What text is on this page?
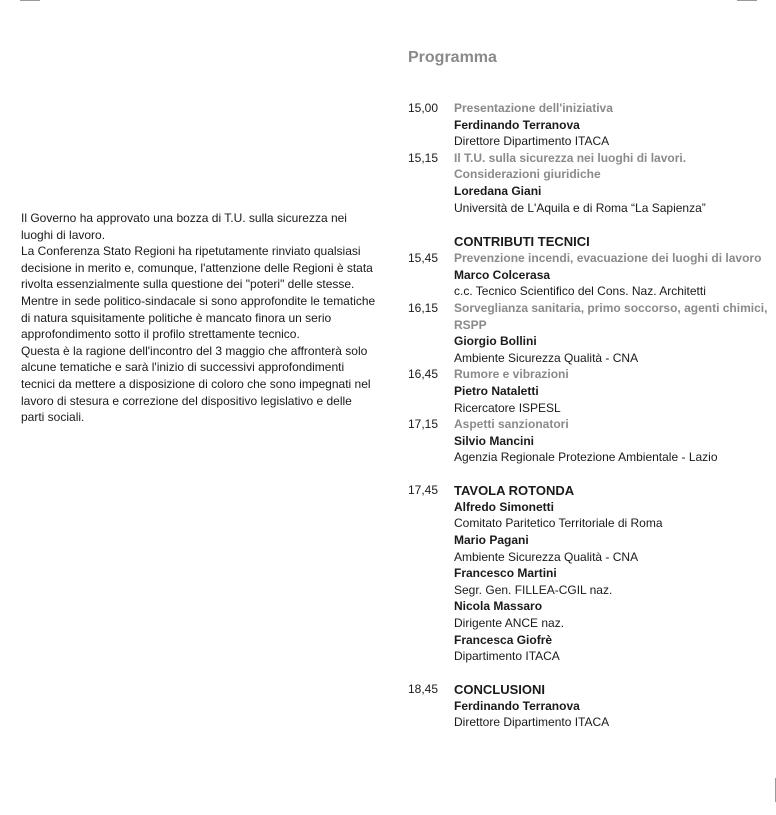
Il Governo ha approvato una bozza di T.U. sulla sicurezza nei luoghi di lavoro.

La Conferenza Stato Regioni ha ripetutamente rinviato qualsiasi decisione in merito e, comunque, l'attenzione delle Regioni è stata rivolta essenzialmente sulla questione dei "poteri" delle stesse.

Mentre in sede politico-sindacale si sono approfondite le tematiche di natura squisitamente politiche è mancato finora un serio approfondimento sotto il profilo strettamente tecnico.

Questa è la ragione dell'incontro del 3 maggio che affronterà solo alcune tematiche e sarà l'inizio di successivi approfondimenti tecnici da mettere a disposizione di coloro che sono impegnati nel lavoro di stesura e correzione del dispositivo legislativo e delle parti sociali.

Programma
15,00	Presentazione dell'iniziativa
Ferdinando Terranova
Direttore Dipartimento ITACA
15,15	Il T.U. sulla sicurezza nei luoghi di lavori. Considerazioni giuridiche
Loredana Giani
Università de L'Aquila e di Roma “La Sapienza”
CONTRIBUTI TECNICI
15,45	Prevenzione incendi, evacuazione dei luoghi di lavoro
Marco Colcerasa
c.c. Tecnico Scientifico del Cons. Naz. Architetti
16,15	Sorveglianza sanitaria, primo soccorso, agenti chimici, RSPP
Giorgio Bollini
Ambiente Sicurezza Qualità - CNA
16,45	Rumore e vibrazioni
Pietro Nataletti
Ricercatore ISPESL
17,15	Aspetti sanzionatori
Silvio Mancini
Agenzia Regionale Protezione Ambientale - Lazio
17,45	TAVOLA ROTONDA
Alfredo Simonetti
Comitato Paritetico Territoriale di Roma
Mario Pagani
Ambiente Sicurezza Qualità - CNA
Francesco Martini
Segr. Gen. FILLEA-CGIL naz.
Nicola Massaro
Dirigente ANCE naz.
Francesca Giofrè
Dipartimento ITACA
18,45	CONCLUSIONI
Ferdinando Terranova
Direttore Dipartimento ITACA
